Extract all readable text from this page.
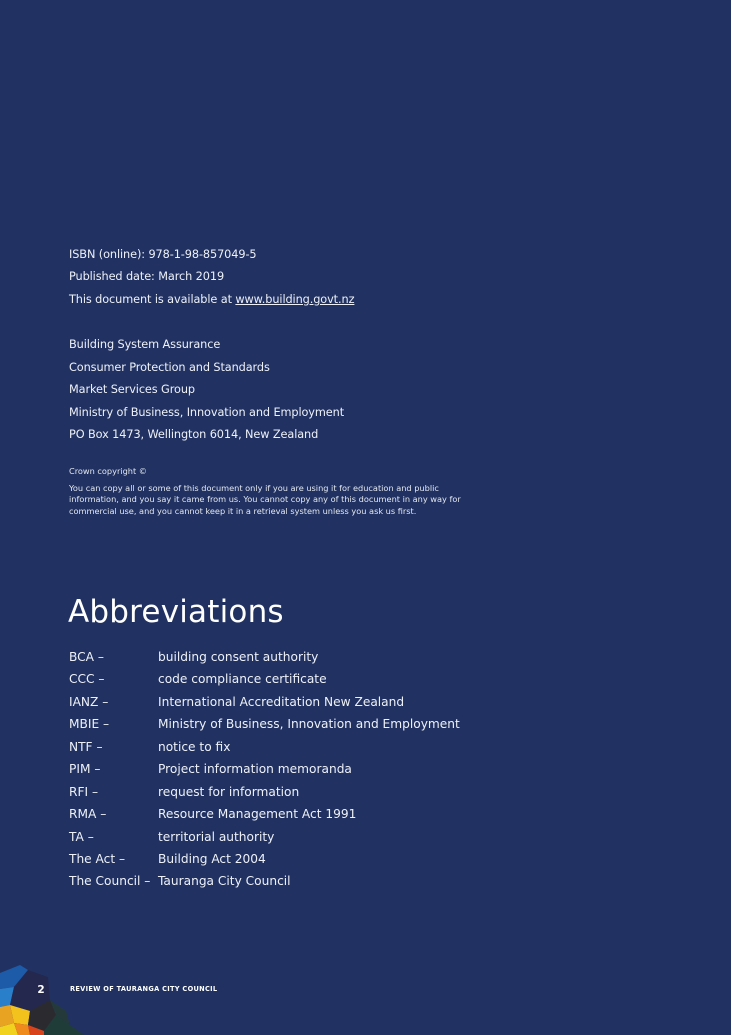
ISBN (online): 978-1-98-857049-5
Published date: March 2019
This document is available at www.building.govt.nz
Building System Assurance
Consumer Protection and Standards
Market Services Group
Ministry of Business, Innovation and Employment
PO Box 1473, Wellington 6014, New Zealand
Crown copyright ©
You can copy all or some of this document only if you are using it for education and public information, and you say it came from us. You cannot copy any of this document in any way for commercial use, and you cannot keep it in a retrieval system unless you ask us first.
Abbreviations
BCA –	building consent authority
CCC –	code compliance certificate
IANZ –	International Accreditation New Zealand
MBIE –	Ministry of Business, Innovation and Employment
NTF –	notice to fix
PIM –	Project information memoranda
RFI –	request for information
RMA –	Resource Management Act 1991
TA –	territorial authority
The Act –	Building Act 2004
The Council – Tauranga City Council
2	REVIEW OF TAURANGA CITY COUNCIL
